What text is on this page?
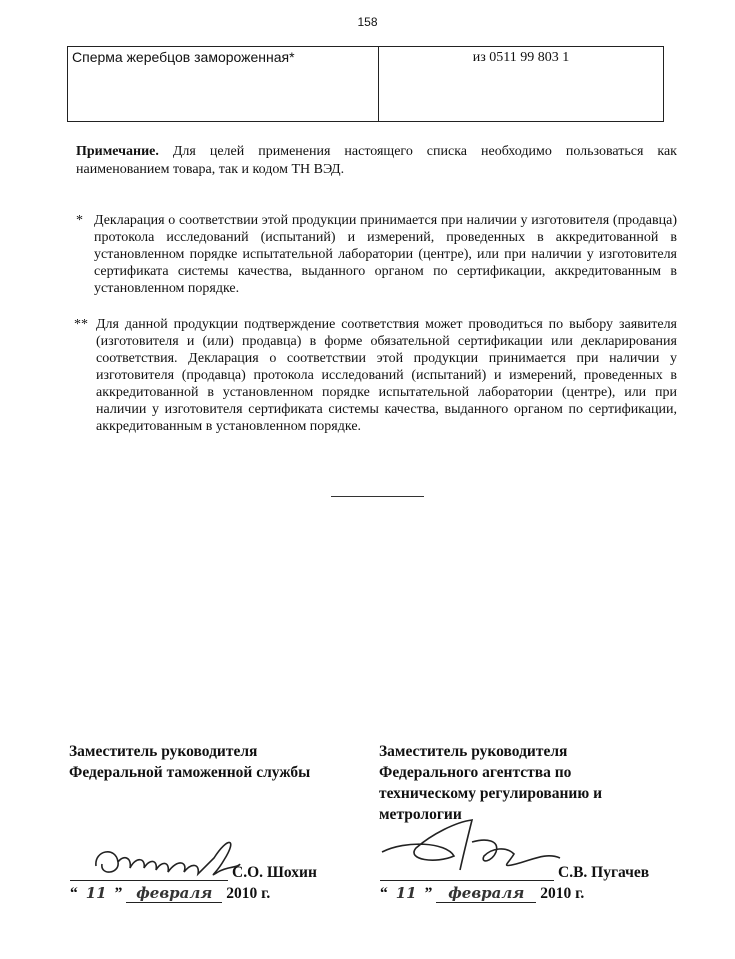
158
Сперма жеребцов замороженная*	из 0511 99 803 1
Примечание. Для целей применения настоящего списка необходимо пользоваться как наименованием товара, так и кодом ТН ВЭД.
* Декларация о соответствии этой продукции принимается при наличии у изготовителя (продавца) протокола исследований (испытаний) и измерений, проведенных в аккредитованной в установленном порядке испытательной лаборатории (центре), или при наличии у изготовителя сертификата системы качества, выданного органом по сертификации, аккредитованным в установленном порядке.
** Для данной продукции подтверждение соответствия может проводиться по выбору заявителя (изготовителя и (или) продавца) в форме обязательной сертификации или декларирования соответствия. Декларация о соответствии этой продукции принимается при наличии у изготовителя (продавца) протокола исследований (испытаний) и измерений, проведенных в аккредитованной в установленном порядке испытательной лаборатории (центре), или при наличии у изготовителя сертификата системы качества, выданного органом по сертификации, аккредитованным в установленном порядке.
Заместитель руководителя
Федеральной таможенной службы
С.О. Шохин
“ 11 ” февраля 2010 г.
Заместитель руководителя
Федерального агентства по
техническому регулированию и
метрологии
С.В. Пугачев
“ 11 ” февраля 2010 г.
